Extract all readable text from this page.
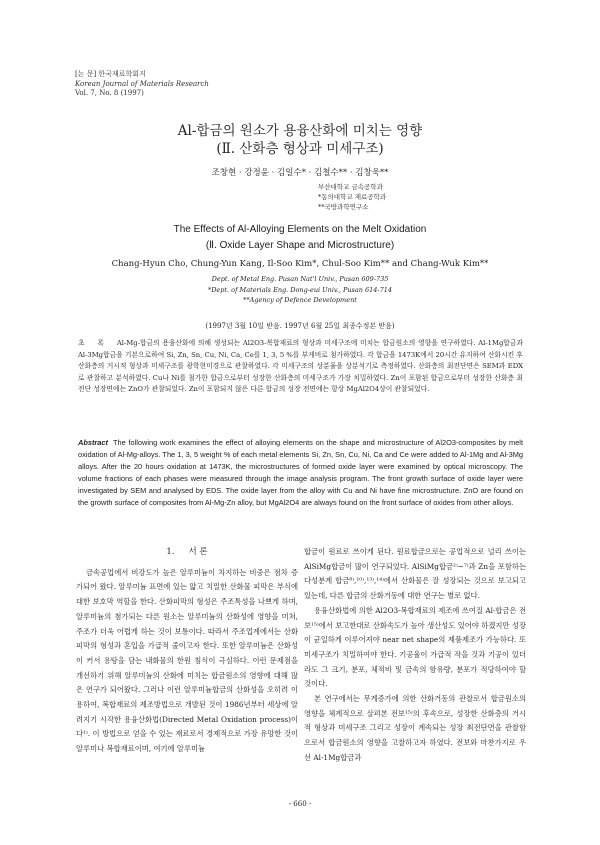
[논 문] 한국재료학회지
Korean Journal of Materials Research
Vol. 7, No. 8 (1997)
Al-합금의 원소가 용융산화에 미치는 영향
(Ⅱ. 산화층 형상과 미세구조)
조창현 · 강정윤 · 김일수* · 김철수** · 김창욱**
부산대학교 금속공학과
*동의대학교 재료공학과
**국방과학연구소
The Effects of Al-Alloying Elements on the Melt Oxidation
(Ⅱ. Oxide Layer Shape and Microstructure)
Chang-Hyun Cho, Chung-Yun Kang, Il-Soo Kim*, Chul-Soo Kim** and Chang-Wuk Kim**
Dept. of Metal Eng. Pusan Nat'l Univ., Pusan 609-735
*Dept. of Materials Eng. Dong-eui Univ., Pusan 614-714
**Agency of Defence Development
(1997년 3월 10일 받음. 1997년 6월 25일 최종수정본 받음)
초 록 Al-Mg-합금의 용융산화에 의해 생성되는 Al2O3-복합재료의 형상과 미세구조에 미치는 합금원소의 영향을 연구하였다. Al-1Mg합금과 Al-3Mg합금을 기본으로하여 Si, Zn, Sn, Cu, Ni, Ca, Ce를 1, 3, 5 %를 부게비로 첨가하였다. 각 합금을 1473K에서 20시간 유지하여 산화시킨 후 산화층의 거시적 형상과 미세구조를 광학현미경으로 관찰하였다. 각 미세구조의 상분율을 상분석기로 측정하였다. 산화층의 최전단면은 SEM과 EDX로 관찰하고 분석하였다. Cu나 Ni를 첨가한 합금으로부터 성장한 산화층의 미세구조가 가장 치밀하였다. Zn이 포함된 합금으로부터 성장한 산화층 최전단 성장면에는 ZnO가 관찰되었다. Zn이 포함되지 않은 다른 합금의 성장 전면에는 항상 MgAl2O4상이 관찰되었다.
Abstract The following work examines the effect of alloying elements on the shape and microstructure of Al2O3-composites by melt oxidation of Al-Mg-alloys. The 1, 3, 5 weight % of each metal elements Si, Zn, Sn, Cu, Ni, Ca and Ce were added to Al-1Mg and Al-3Mg alloys. After the 20 hours oxidation at 1473K, the microstructures of formed oxide layer were examined by optical microscopy. The volume fractions of each phases were measured through the image analysis program. The front growth surface of oxide layer were investigated by SEM and analysed by EDS. The oxide layer from the alloy with Cu and Ni have fine microstructure. ZnO are found on the growth surface of composites from Al-Mg-Zn alloy, but MgAl2O4 are always found on the front surface of oxides from other alloys.
1. 서 론

금속공업에서 비강도가 높은 알루미늄이 차지하는 비중은 점차 증가되어 왔다. 알루미늄 표면에 있는 얇고 치밀한 산화물 피막은 부식에 대한 보호막 역할을 한다. 산화피막의 형성은 주조특성을 나쁘게 하며, 알루미늄의 첨가되는 다른 원소는 알루미늄의 산화성에 영향을 미쳐, 주조가 더욱 어렵게 하는 것이 보통이다. 따라서 주조업계에서는 산화피막의 형성과 혼입을 가급적 줄이고자 한다. 또한 알루미늄은 산화성이 커서 용탕을 담는 내화물의 한원 침식이 극심하다. 이런 문제점을 개선하기 위해 알루미늄의 산화에 미치는 합금원소의 영향에 대해 많은 연구가 되어왔다. 그러나 이런 알루미늄합금의 산화성을 오히려 이용하여, 복합재료의 제조방법으로 개발된 것이 1986년부터 세상에 알려지기 시작한 용융산화법(Directed Metal Oxidation process)이다¹⁾. 이 방법으로 얻을 수 있는 재료로서 경제적으로 가장 유망한 것이 알루미나 복합재료이며, 여기에 알루미늄

합금이 원료로 쓰이게 된다. 원료합금으로는 공업적으로 널리 쓰이는 AlSiMg합금이 많이 연구되었다. AlSiMg합금²⁾~⁷⁾과 Zn을 포함하는 다성분계 합금⁸⁾,¹⁰⁾,¹³⁾,¹⁴⁾에서 산화물은 잘 성장되는 것으로 보고되고 있는데, 다른 합금의 산화거동에 대한 연구는 별로 없다.

용융산화법에 의한 Al2O3-복합재료의 제조에 쓰여질 Al-합금은 전보¹⁵⁾에서 보고한대로 산화속도가 높아 생산성도 있어야 하겠지만 성장이 균일하게 이루어져야 near net shape의 제품제조가 가능하다. 또 미세구조가 치밀하여야 한다. 기공율이 가급적 작을 것과 기공이 있더라도 그 크기, 분포, 체적비 및 금속의 함유량, 분포가 적당하여야 할 것이다.

본 연구에서는 무게증가에 의한 산화거동의 관찰로서 합금원소의 영향을 체계적으로 살펴본 전보¹⁵⁾의 후속으로, 성장한 산화층의 거시적 형상과 미세구조 그리고 성장이 계속되는 성장 최전단면을 관찰함으로서 합금원소의 영향을 고찰하고자 하였다. 전보와 마찬가지로 우선 Al-1Mg합금과

- 660 -
